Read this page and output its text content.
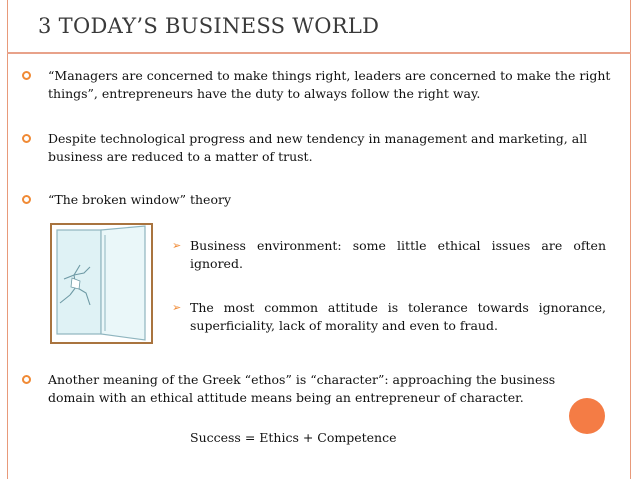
3 TODAY’S BUSINESS WORLD
“Managers are concerned to make things right, leaders are concerned to make the right things”, entrepreneurs have the duty to always follow the right way.
Despite technological progress and new tendency in management and marketing, all business are reduced to a matter of trust.
“The broken window” theory
➢ Business environment: some little ethical issues are often ignored.
➢ The most common attitude is tolerance towards ignorance, superficiality, lack of morality and even to fraud.
Another meaning of the Greek “ethos” is “character”: approaching the business domain with an ethical attitude means being an entrepreneur of character.
Success = Ethics + Competence
